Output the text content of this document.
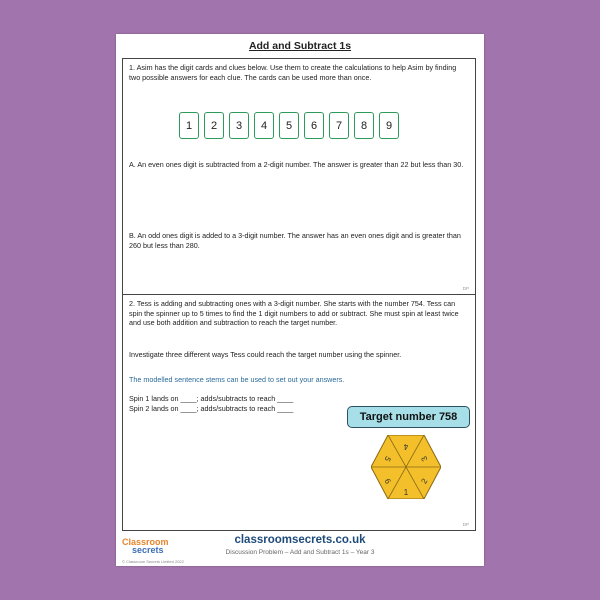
Add and Subtract 1s
1. Asim has the digit cards and clues below. Use them to create the calculations to help Asim by finding two possible answers for each clue. The cards can be used more than once.
1	2	3	4	5	6	7	8	9
A. An even ones digit is subtracted from a 2-digit number. The answer is greater than 22 but less than 30.
B. An odd ones digit is added to a 3-digit number. The answer has an even ones digit and is greater than 260 but less than 280.
DP
2. Tess is adding and subtracting ones with a 3-digit number. She starts with the number 754. Tess can spin the spinner up to 5 times to find the 1 digit numbers to add or subtract. She must spin at least twice and use both addition and subtraction to reach the target number.
Investigate three different ways Tess could reach the target number using the spinner.
The modelled sentence stems can be used to set out your answers.
Spin 1 lands on ____; adds/subtracts to reach ____
Spin 2 lands on ____; adds/subtracts to reach ____
Target number 758
4
3
2
1
6
5
DP
Classroom
secrets
© Classroom Secrets Limited 2022
classroomsecrets.co.uk
Discussion Problem – Add and Subtract 1s – Year 3
